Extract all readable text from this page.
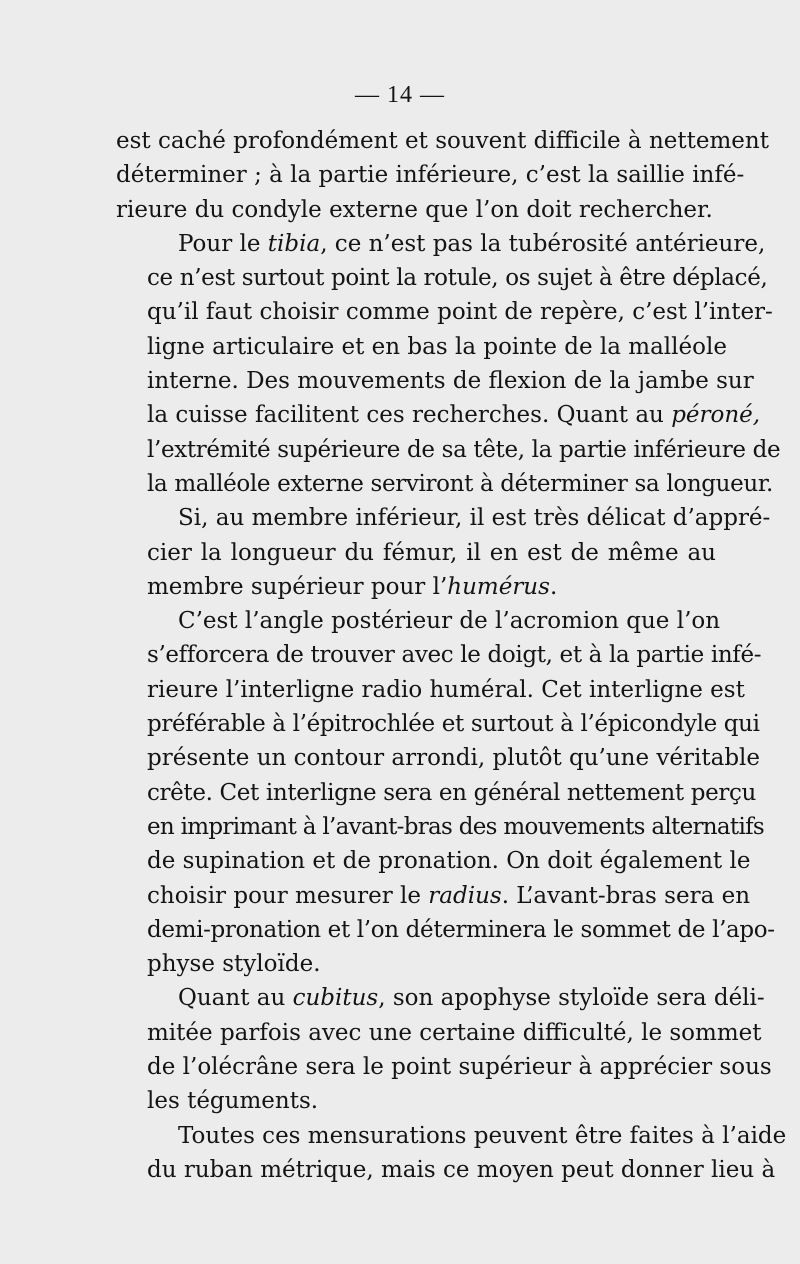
— 14 —

est caché profondément et souvent difficile à nettement
déterminer ; à la partie inférieure, c’est la saillie infé-
rieure du condyle externe que l’on doit rechercher.

Pour le tibia, ce n’est pas la tubérosité antérieure,
ce n’est surtout point la rotule, os sujet à être déplacé,
qu’il faut choisir comme point de repère, c’est l’inter-
ligne articulaire et en bas la pointe de la malléole
interne. Des mouvements de flexion de la jambe sur
la cuisse facilitent ces recherches. Quant au péroné,
l’extrémité supérieure de sa tête, la partie inférieure de
la malléole externe serviront à déterminer sa longueur.

Si, au membre inférieur, il est très délicat d’appré-
cier la longueur du fémur, il en est de même au
membre supérieur pour l’humérus.

C’est l’angle postérieur de l’acromion que l’on
s’efforcera de trouver avec le doigt, et à la partie infé-
rieure l’interligne radio huméral. Cet interligne est
préférable à l’épitrochlée et surtout à l’épicondyle qui
présente un contour arrondi, plutôt qu’une véritable
crête. Cet interligne sera en général nettement perçu
en imprimant à l’avant-bras des mouvements alternatifs
de supination et de pronation. On doit également le
choisir pour mesurer le radius. L’avant-bras sera en
demi-pronation et l’on déterminera le sommet de l’apo-
physe styloïde.

Quant au cubitus, son apophyse styloïde sera déli-
mitée parfois avec une certaine difficulté, le sommet
de l’olécrâne sera le point supérieur à apprécier sous
les téguments.

Toutes ces mensurations peuvent être faites à l’aide
du ruban métrique, mais ce moyen peut donner lieu à
